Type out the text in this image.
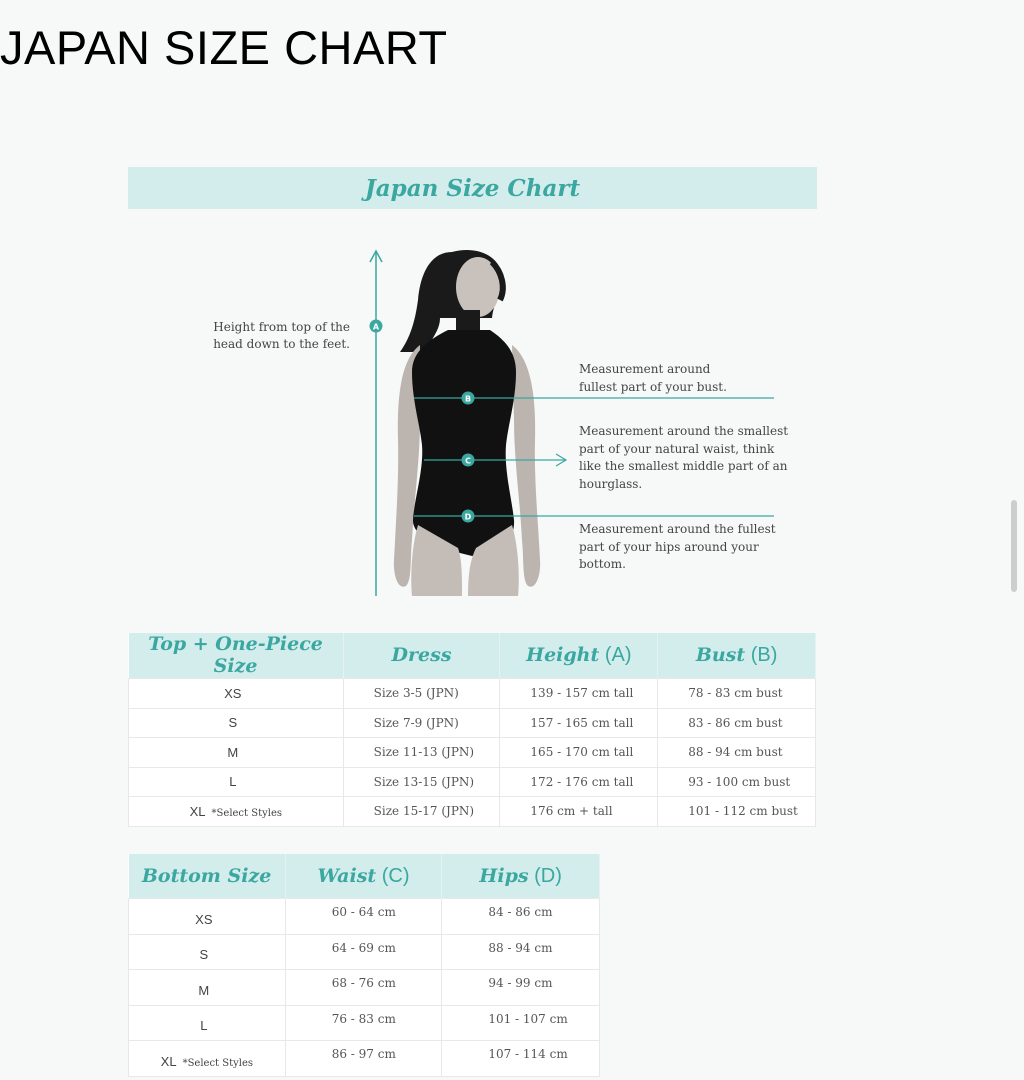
JAPAN SIZE CHART
Japan Size Chart
A
B
C
D
Height from top of the head down to the feet.
Measurement around fullest part of your bust.
Measurement around the smallest part of your natural waist, think like the smallest middle part of an hourglass.
Measurement around the fullest part of your hips around your bottom.
Top + One-Piece Size	Dress	Height (A)	Bust (B)
XS	Size 3-5 (JPN)	139 - 157 cm tall	78 - 83 cm bust
S	Size 7-9 (JPN)	157 - 165 cm tall	83 - 86 cm bust
M	Size 11-13 (JPN)	165 - 170 cm tall	88 - 94 cm bust
L	Size 13-15 (JPN)	172 - 176 cm tall	93 - 100 cm bust
XL *Select Styles	Size 15-17 (JPN)	176 cm + tall	101 - 112 cm bust
Bottom Size	Waist (C)	Hips (D)
XS	60 - 64 cm	84 - 86 cm
S	64 - 69 cm	88 - 94 cm
M	68 - 76 cm	94 - 99 cm
L	76 - 83 cm	101 - 107 cm
XL *Select Styles	86 - 97 cm	107 - 114 cm
